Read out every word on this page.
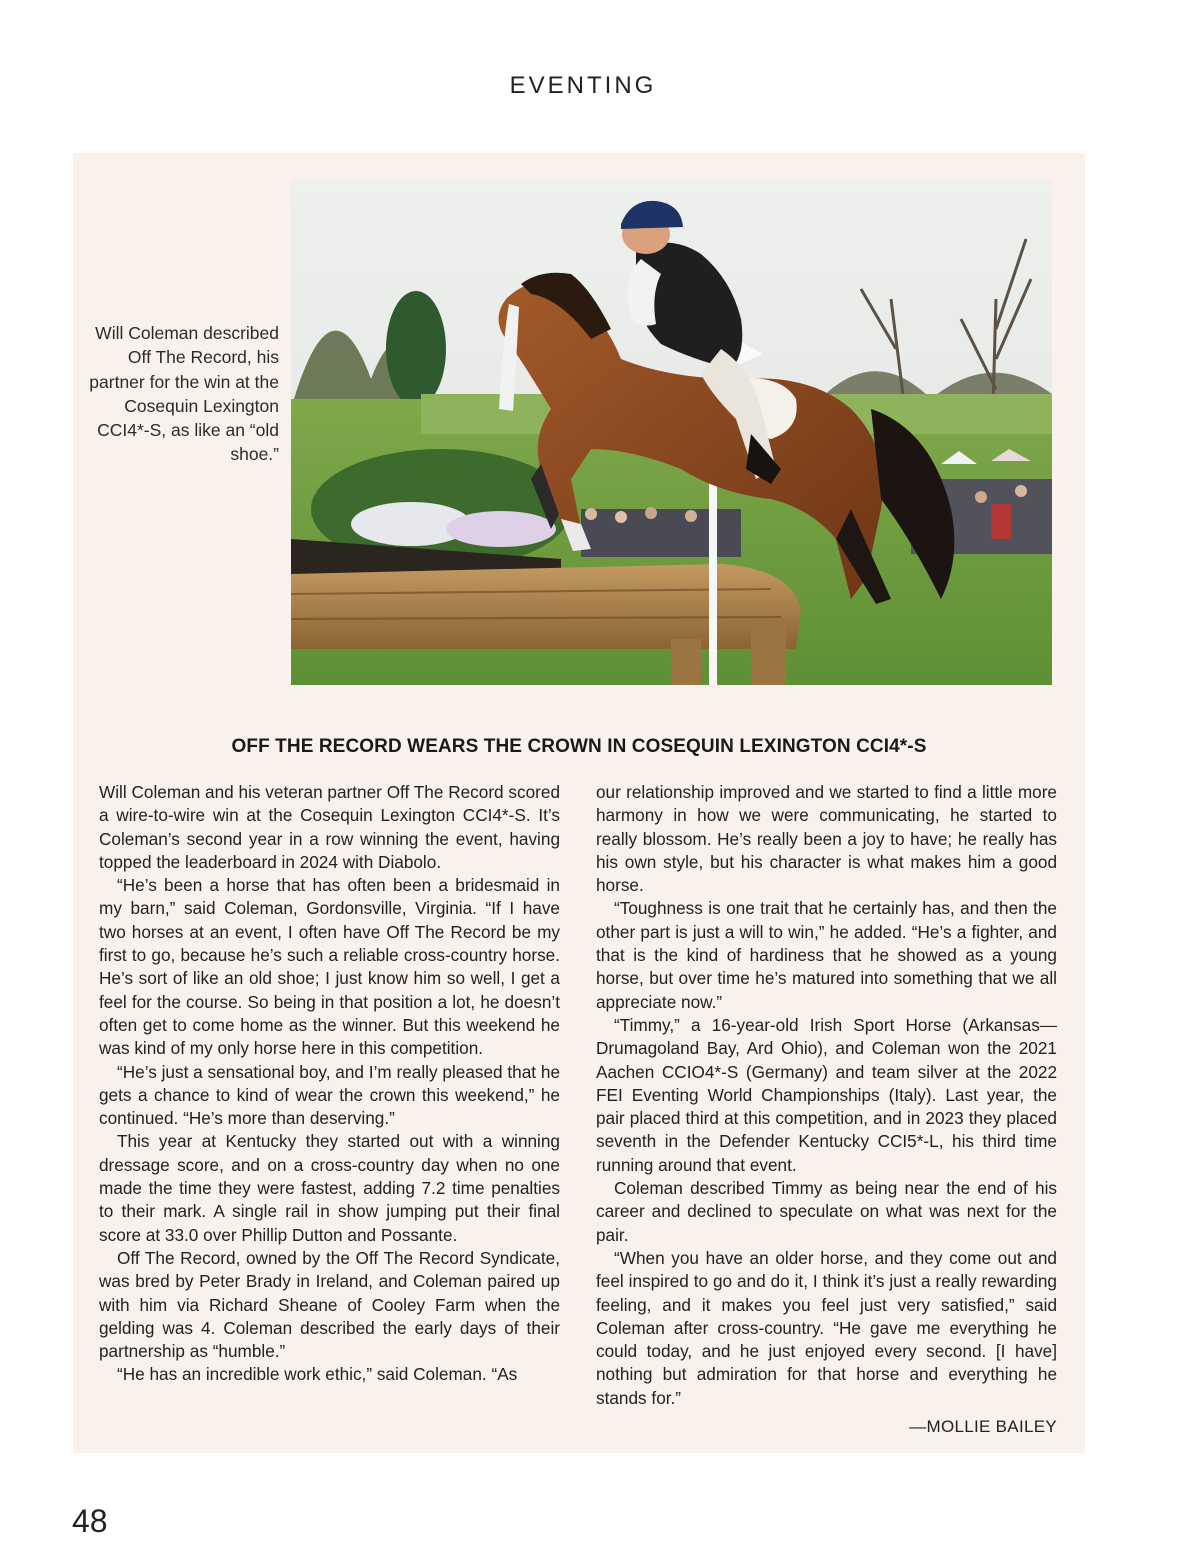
EVENTING
Will Coleman described Off The Record, his partner for the win at the Cosequin Lexington CCI4*-S, as like an “old shoe.”
OFF THE RECORD WEARS THE CROWN IN COSEQUIN LEXINGTON CCI4*-S

Will Coleman and his veteran partner Off The Record scored a wire-to-wire win at the Cosequin Lexington CCI4*-S. It’s Coleman’s second year in a row winning the event, having topped the leaderboard in 2024 with Diabolo.

“He’s been a horse that has often been a bridesmaid in my barn,” said Coleman, Gordonsville, Virginia. “If I have two horses at an event, I often have Off The Record be my first to go, because he’s such a reliable cross-country horse. He’s sort of like an old shoe; I just know him so well, I get a feel for the course. So being in that position a lot, he doesn’t often get to come home as the winner. But this weekend he was kind of my only horse here in this competition.

“He’s just a sensational boy, and I’m really pleased that he gets a chance to kind of wear the crown this weekend,” he continued. “He’s more than deserving.”

This year at Kentucky they started out with a winning dressage score, and on a cross-country day when no one made the time they were fastest, adding 7.2 time penalties to their mark. A single rail in show jumping put their final score at 33.0 over Phillip Dutton and Possante.

Off The Record, owned by the Off The Record Syndicate, was bred by Peter Brady in Ireland, and Coleman paired up with him via Richard Sheane of Cooley Farm when the gelding was 4. Coleman described the early days of their partnership as “humble.”

“He has an incredible work ethic,” said Coleman. “As

our relationship improved and we started to find a little more harmony in how we were communicating, he started to really blossom. He’s really been a joy to have; he really has his own style, but his character is what makes him a good horse.

“Toughness is one trait that he certainly has, and then the other part is just a will to win,” he added. “He’s a fighter, and that is the kind of hardiness that he showed as a young horse, but over time he’s matured into something that we all appreciate now.”

“Timmy,” a 16-year-old Irish Sport Horse (Arkansas—Drumagoland Bay, Ard Ohio), and Coleman won the 2021 Aachen CCIO4*-S (Germany) and team silver at the 2022 FEI Eventing World Championships (Italy). Last year, the pair placed third at this competition, and in 2023 they placed seventh in the Defender Kentucky CCI5*-L, his third time running around that event.

Coleman described Timmy as being near the end of his career and declined to speculate on what was next for the pair.

“When you have an older horse, and they come out and feel inspired to go and do it, I think it’s just a really rewarding feeling, and it makes you feel just very satisfied,” said Coleman after cross-country. “He gave me everything he could today, and he just enjoyed every second. [I have] nothing but admiration for that horse and everything he stands for.”

—MOLLIE BAILEY
48
